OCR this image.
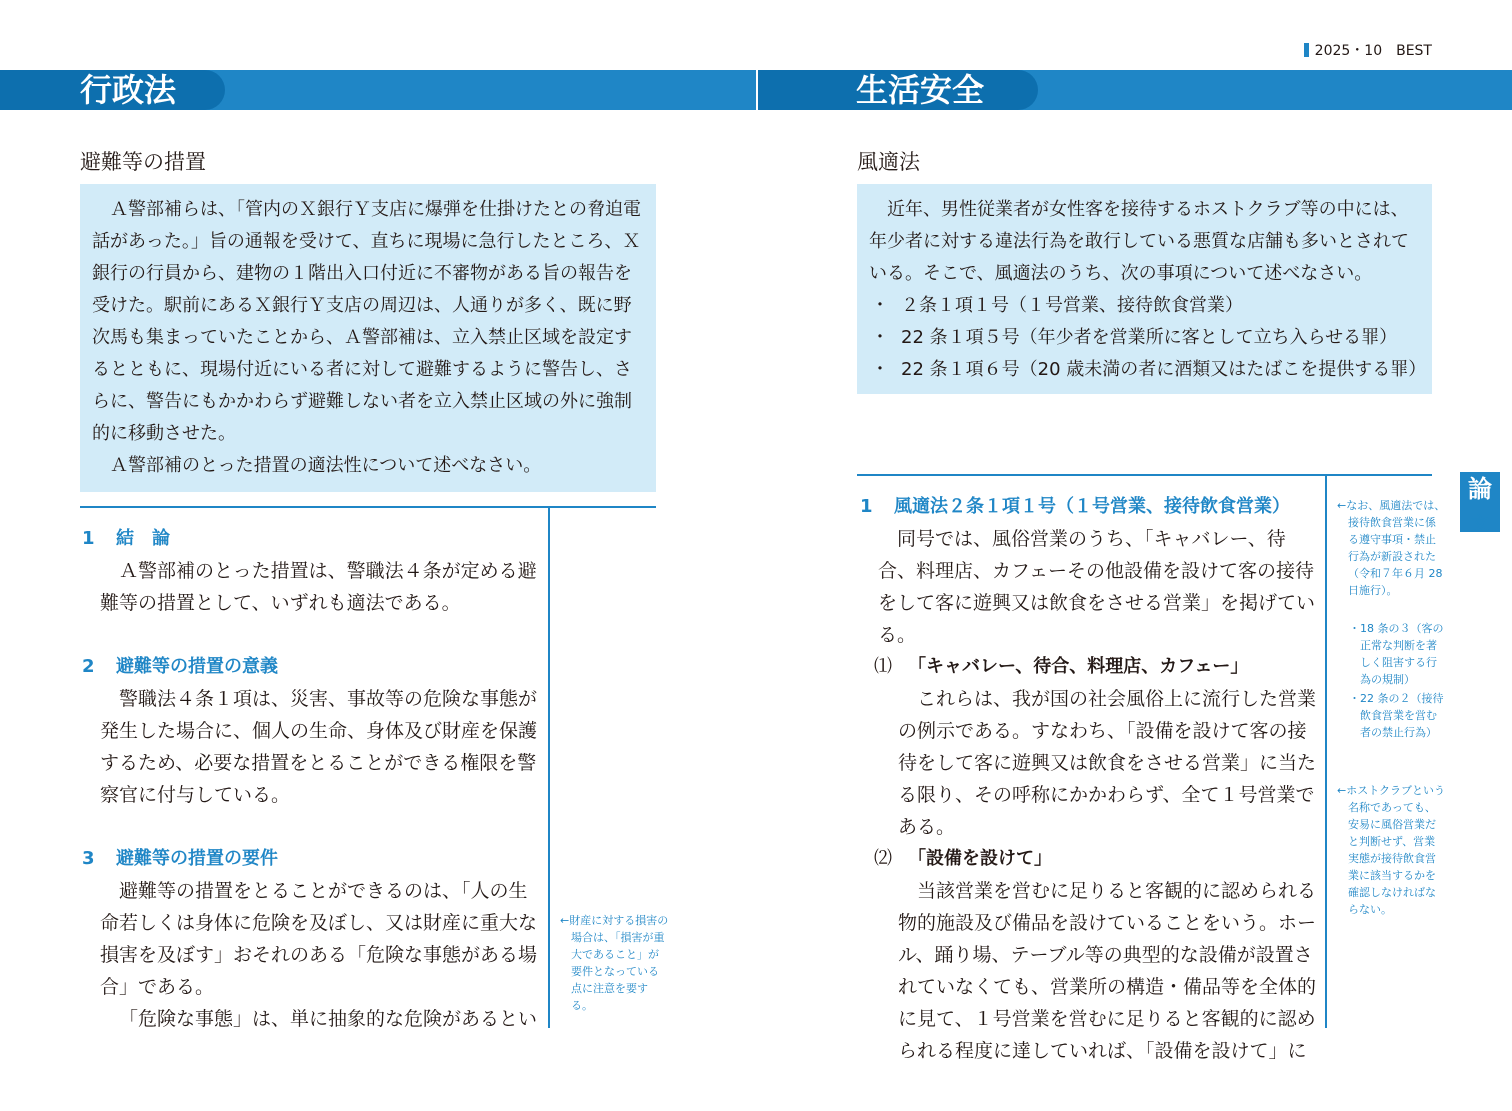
2025・10　BEST
行政法	生活安全
避難等の措置

Ａ警部補らは、「管内のＸ銀行Ｙ支店に爆弾を仕掛けたとの脅迫電話があった。」旨の通報を受けて、直ちに現場に急行したところ、Ｘ銀行の行員から、建物の１階出入口付近に不審物がある旨の報告を受けた。駅前にあるＸ銀行Ｙ支店の周辺は、人通りが多く、既に野次馬も集まっていたことから、Ａ警部補は、立入禁止区域を設定するとともに、現場付近にいる者に対して避難するように警告し、さらに、警告にもかかわらず避難しない者を立入禁止区域の外に強制的に移動させた。

Ａ警部補のとった措置の適法性について述べなさい。

1 結　論

Ａ警部補のとった措置は、警職法４条が定める避難等の措置として、いずれも適法である。

2 避難等の措置の意義

警職法４条１項は、災害、事故等の危険な事態が発生した場合に、個人の生命、身体及び財産を保護するため、必要な措置をとることができる権限を警察官に付与している。

3 避難等の措置の要件

避難等の措置をとることができるのは、「人の生命若しくは身体に危険を及ぼし、又は財産に重大な損害を及ぼす」おそれのある「危険な事態がある場合」である。

「危険な事態」は、単に抽象的な危険があるとい

←財産に対する損害の場合は、「損害が重大であること」が要件となっている点に注意を要する。
風適法

近年、男性従業者が女性客を接待するホストクラブ等の中には、年少者に対する違法行為を敢行している悪質な店舗も多いとされている。そこで、風適法のうち、次の事項について述べなさい。

・ ２条１項１号（１号営業、接待飲食営業）
・ 22 条１項５号（年少者を営業所に客として立ち入らせる罪）
・ 22 条１項６号（20 歳未満の者に酒類又はたばこを提供する罪）
1 風適法２条１項１号（１号営業、接待飲食営業）

同号では、風俗営業のうち、「キャバレー、待合、料理店、カフェーその他設備を設けて客の接待をして客に遊興又は飲食をさせる営業」を掲げている。

⑴ 「キャバレー、待合、料理店、カフェー」

これらは、我が国の社会風俗上に流行した営業の例示である。すなわち、「設備を設けて客の接待をして客に遊興又は飲食をさせる営業」に当たる限り、その呼称にかかわらず、全て１号営業である。

⑵ 「設備を設けて」

当該営業を営むに足りると客観的に認められる物的施設及び備品を設けていることをいう。ホール、踊り場、テーブル等の典型的な設備が設置されていなくても、営業所の構造・備品等を全体的に見て、１号営業を営むに足りると客観的に認められる程度に達していれば、「設備を設けて」に

←なお、風適法では、接待飲食営業に係る遵守事項・禁止行為が新設された（令和７年６月 28 日施行）。
・18 条の３（客の正常な判断を著しく阻害する行為の規制）
・22 条の２（接待飲食営業を営む者の禁止行為）
←ホストクラブという名称であっても、安易に風俗営業だと判断せず、営業実態が接待飲食営業に該当するかを確認しなければならない。
論
文
